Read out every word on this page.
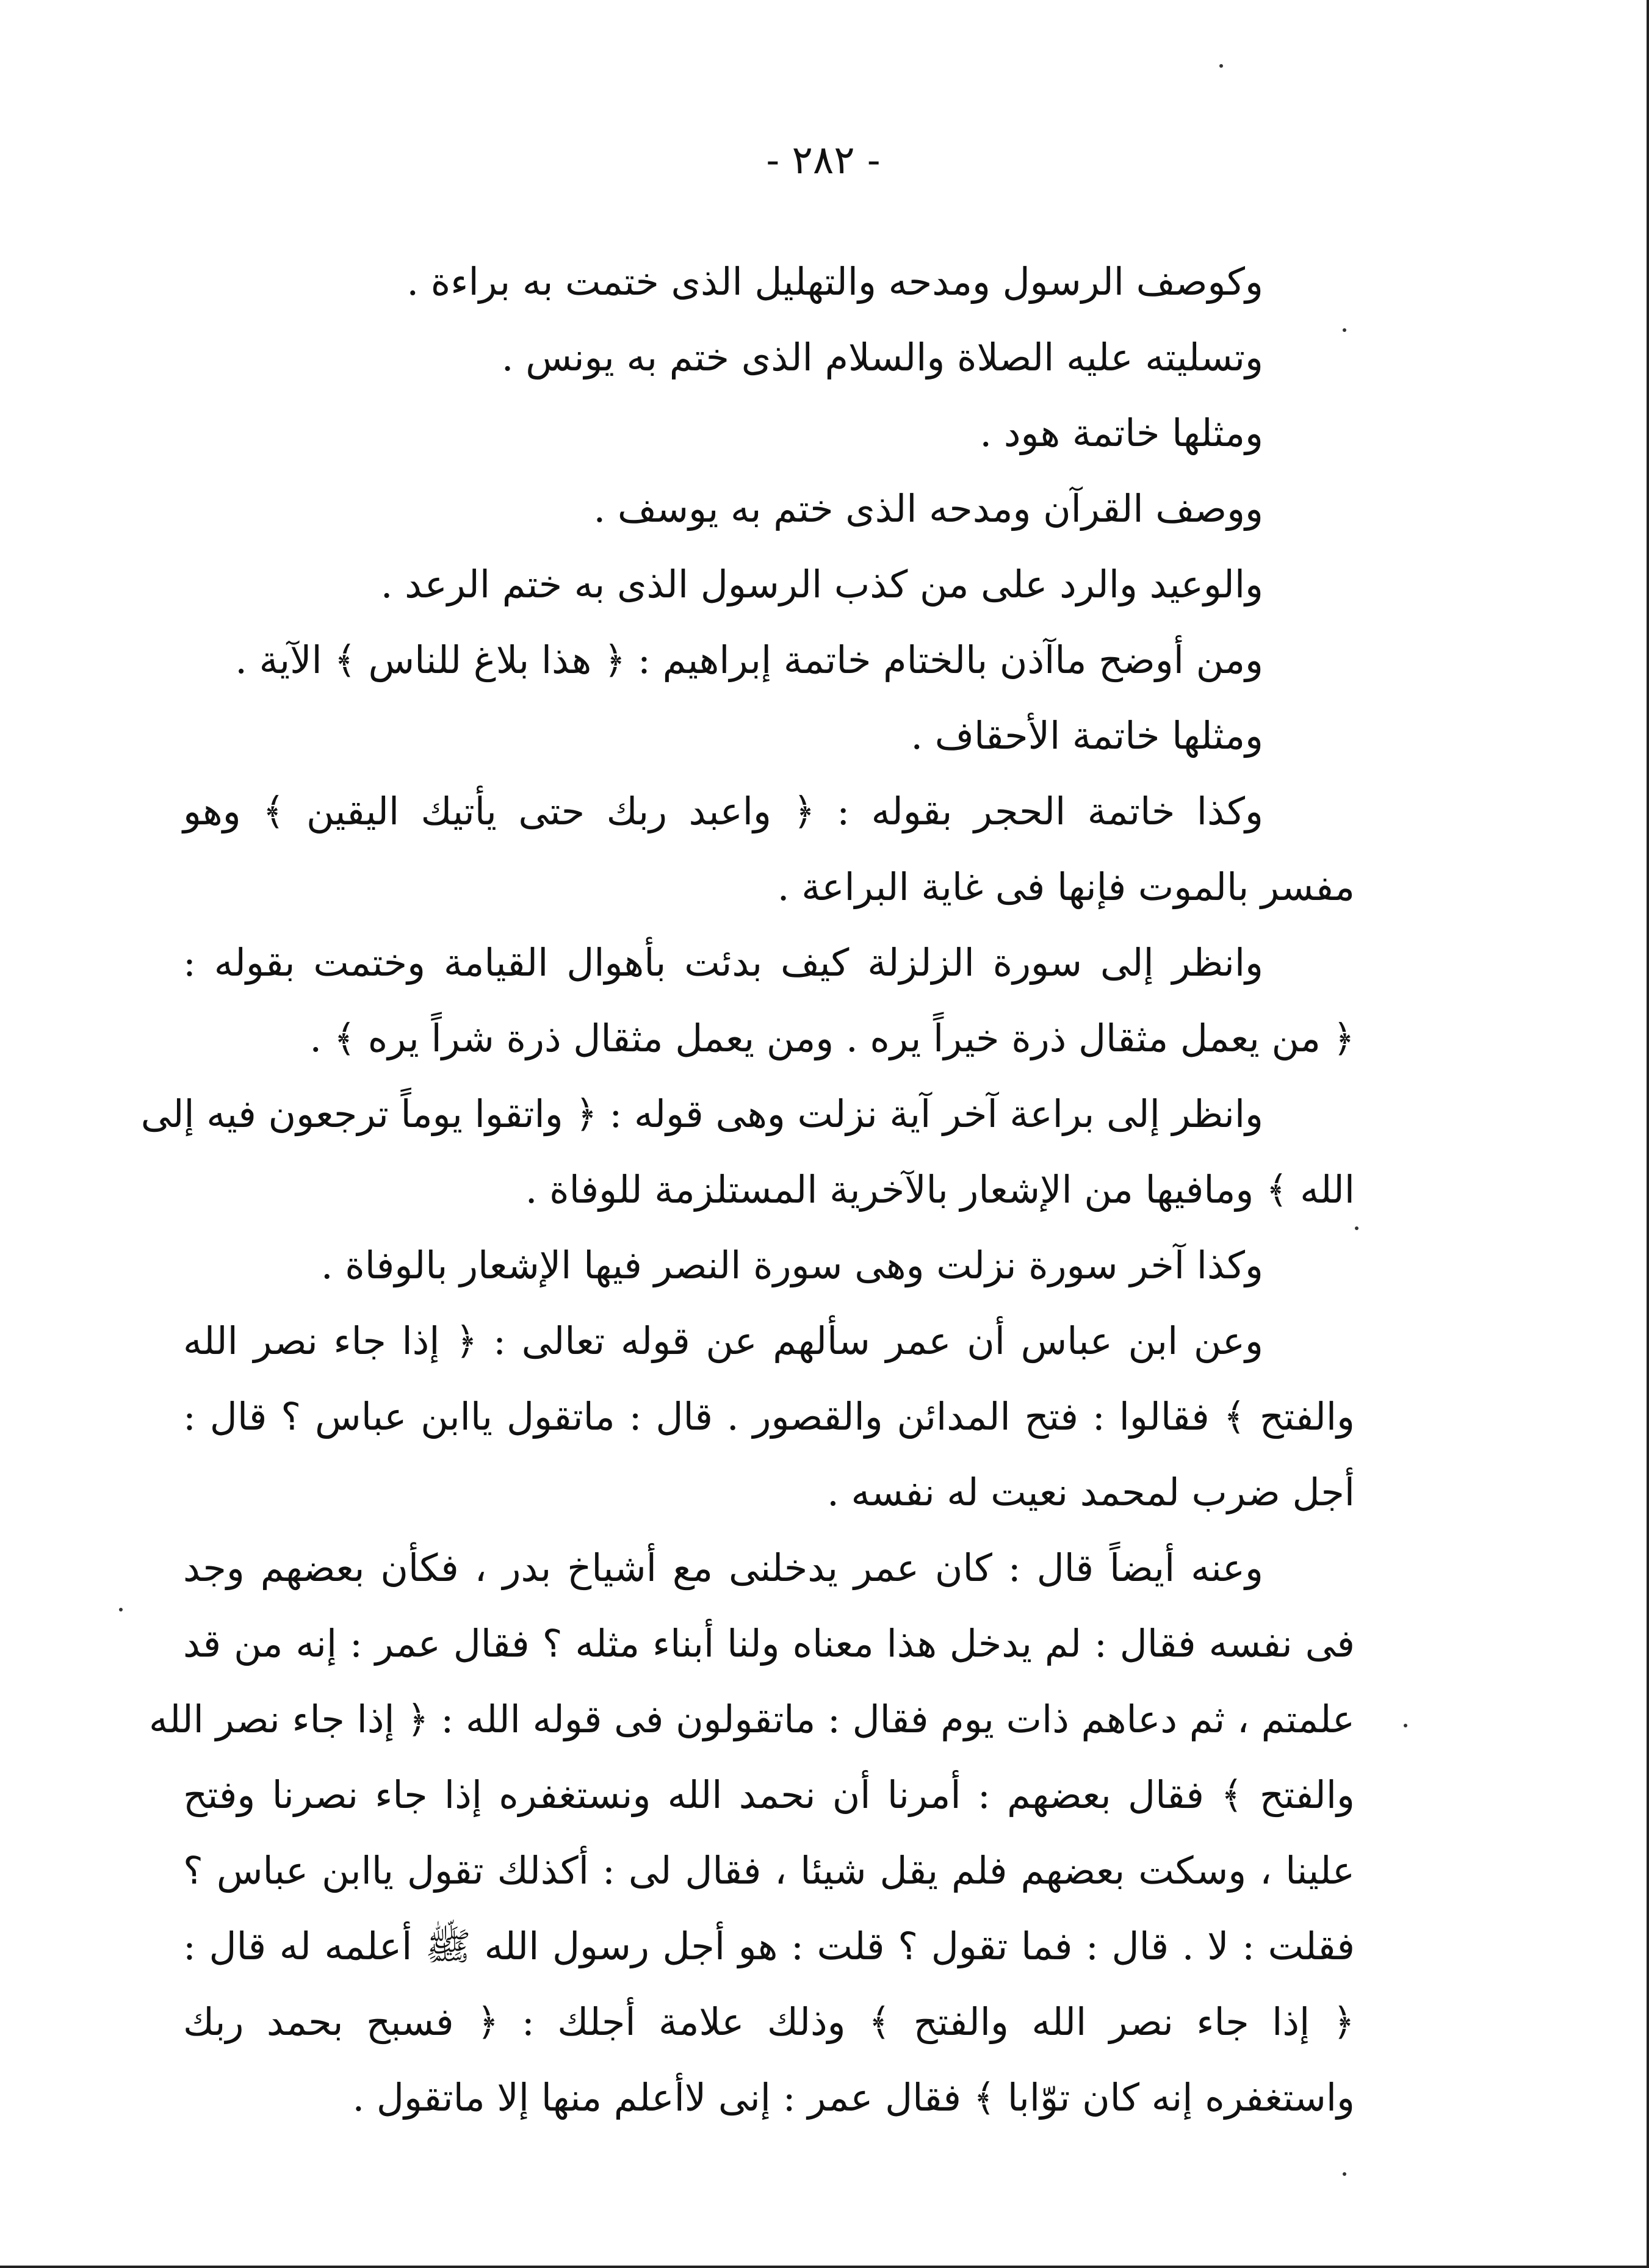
- ٢٨٢ -
وكوصف الرسول ومدحه والتهليل الذى ختمت به براءة .
وتسليته عليه الصلاة والسلام الذى ختم به يونس .
ومثلها خاتمة هود .
ووصف القرآن ومدحه الذى ختم به يوسف .
والوعيد والرد على من كذب الرسول الذى به ختم الرعد .
ومن أوضح ماآذن بالختام خاتمة إبراهيم : ﴿ هذا بلاغ للناس ﴾ الآية .
ومثلها خاتمة الأحقاف .
وكذا خاتمة الحجر بقوله : ﴿ واعبد ربك حتى يأتيك اليقين ﴾ وهو
مفسر بالموت فإنها فى غاية البراعة .
وانظر إلى سورة الزلزلة كيف بدئت بأهوال القيامة وختمت بقوله :
﴿ من يعمل مثقال ذرة خيراً يره . ومن يعمل مثقال ذرة شراً يره ﴾ .
وانظر إلى براعة آخر آية نزلت وهى قوله : ﴿ واتقوا يوماً ترجعون فيه إلى
الله ﴾ ومافيها من الإشعار بالآخرية المستلزمة للوفاة .
وكذا آخر سورة نزلت وهى سورة النصر فيها الإشعار بالوفاة .
وعن ابن عباس أن عمر سألهم عن قوله تعالى : ﴿ إذا جاء نصر الله
والفتح ﴾ فقالوا : فتح المدائن والقصور . قال : ماتقول ياابن عباس ؟ قال :
أجل ضرب لمحمد نعيت له نفسه .
وعنه أيضاً قال : كان عمر يدخلنى مع أشياخ بدر ، فكأن بعضهم وجد
فى نفسه فقال : لم يدخل هذا معناه ولنا أبناء مثله ؟ فقال عمر : إنه من قد
علمتم ، ثم دعاهم ذات يوم فقال : ماتقولون فى قوله الله : ﴿ إذا جاء نصر الله
والفتح ﴾ فقال بعضهم : أمرنا أن نحمد الله ونستغفره إذا جاء نصرنا وفتح
علينا ، وسكت بعضهم فلم يقل شيئا ، فقال لى : أكذلك تقول ياابن عباس ؟
فقلت : لا . قال : فما تقول ؟ قلت : هو أجل رسول الله ﷺ أعلمه له قال :
﴿ إذا جاء نصر الله والفتح ﴾ وذلك علامة أجلك : ﴿ فسبح بحمد ربك
واستغفره إنه كان توّابا ﴾ فقال عمر : إنى لاأعلم منها إلا ماتقول .
